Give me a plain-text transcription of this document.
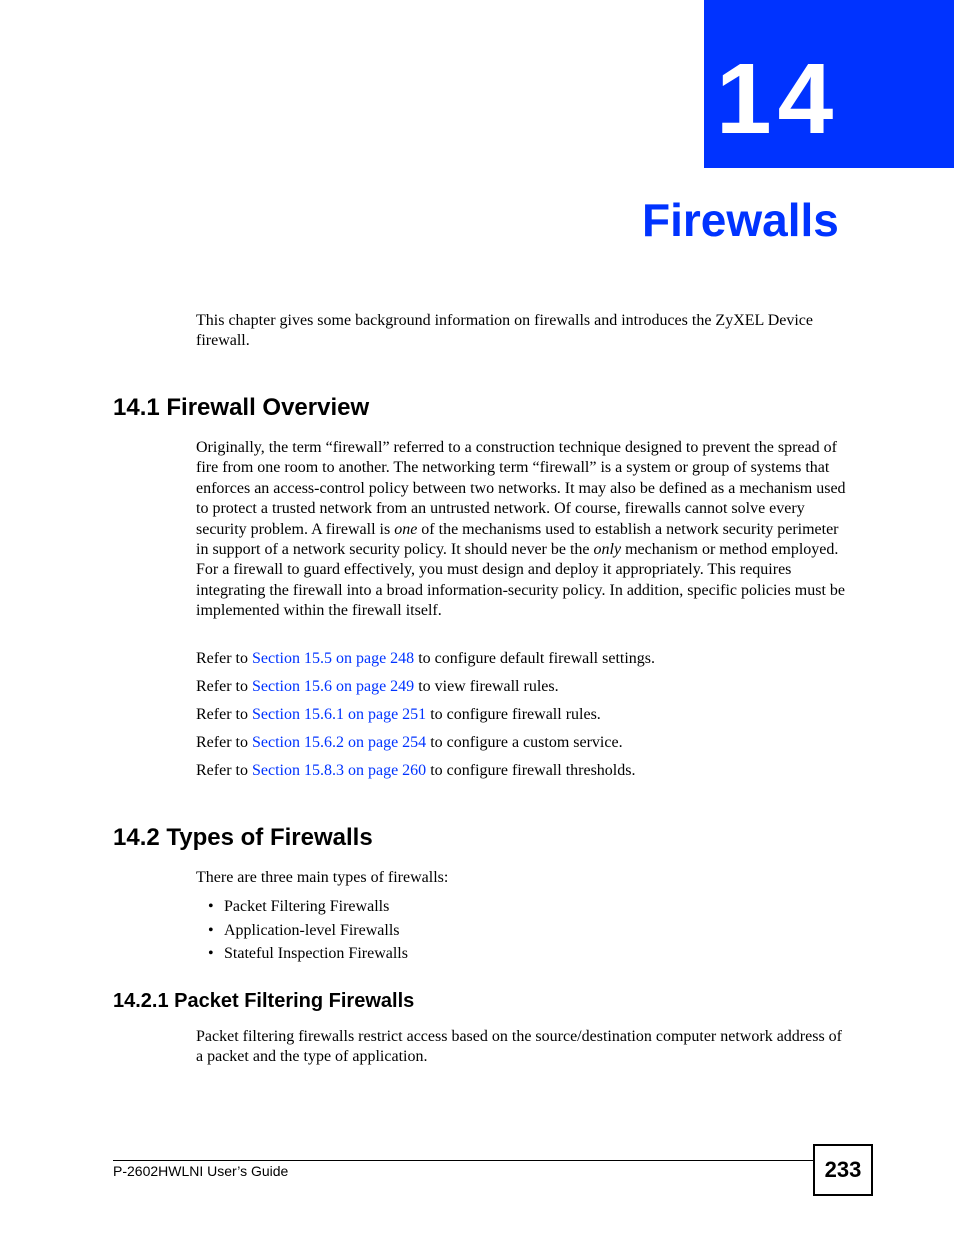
14
Firewalls

This chapter gives some background information on firewalls and introduces the ZyXEL Device firewall.

14.1 Firewall Overview

Originally, the term “firewall” referred to a construction technique designed to prevent the spread of fire from one room to another. The networking term “firewall” is a system or group of systems that enforces an access-control policy between two networks. It may also be defined as a mechanism used to protect a trusted network from an untrusted network. Of course, firewalls cannot solve every security problem. A firewall is one of the mechanisms used to establish a network security perimeter in support of a network security policy. It should never be the only mechanism or method employed. For a firewall to guard effectively, you must design and deploy it appropriately. This requires integrating the firewall into a broad information-security policy. In addition, specific policies must be implemented within the firewall itself.

Refer to Section 15.5 on page 248 to configure default firewall settings.

Refer to Section 15.6 on page 249 to view firewall rules.

Refer to Section 15.6.1 on page 251 to configure firewall rules.

Refer to Section 15.6.2 on page 254 to configure a custom service.

Refer to Section 15.8.3 on page 260 to configure firewall thresholds.

14.2 Types of Firewalls

There are three main types of firewalls:

• Packet Filtering Firewalls
• Application-level Firewalls
• Stateful Inspection Firewalls
14.2.1 Packet Filtering Firewalls

Packet filtering firewalls restrict access based on the source/destination computer network address of a packet and the type of application.

P-2602HWLNI User’s Guide	233
